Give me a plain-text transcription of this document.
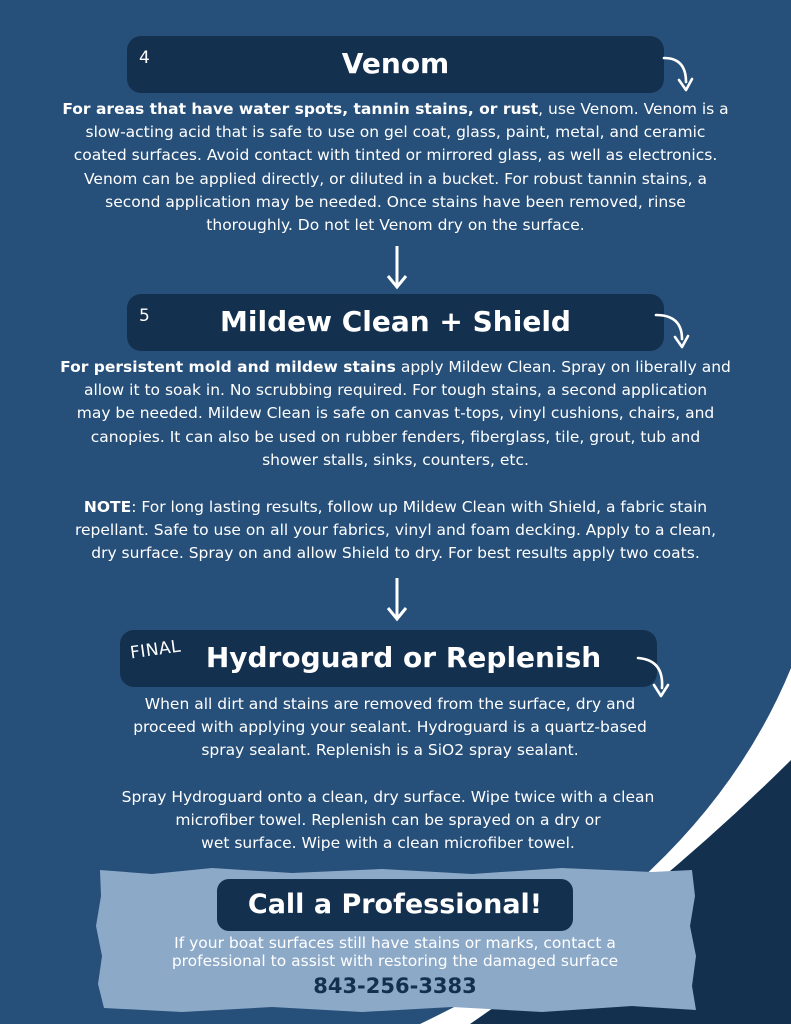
4	Venom
For areas that have water spots, tannin stains, or rust, use Venom. Venom is a
slow-acting acid that is safe to use on gel coat, glass, paint, metal, and ceramic
coated surfaces. Avoid contact with tinted or mirrored glass, as well as electronics.
Venom can be applied directly, or diluted in a bucket. For robust tannin stains, a
second application may be needed. Once stains have been removed, rinse
thoroughly. Do not let Venom dry on the surface.
5	Mildew Clean + Shield
For persistent mold and mildew stains apply Mildew Clean. Spray on liberally and
allow it to soak in. No scrubbing required. For tough stains, a second application
may be needed. Mildew Clean is safe on canvas t-tops, vinyl cushions, chairs, and
canopies. It can also be used on rubber fenders, fiberglass, tile, grout, tub and
shower stalls, sinks, counters, etc.
NOTE: For long lasting results, follow up Mildew Clean with Shield, a fabric stain
repellant. Safe to use on all your fabrics, vinyl and foam decking. Apply to a clean,
dry surface. Spray on and allow Shield to dry. For best results apply two coats.
FINAL Hydroguard or Replenish
When all dirt and stains are removed from the surface, dry and
proceed with applying your sealant. Hydroguard is a quartz-based
spray sealant. Replenish is a SiO2 spray sealant.
Spray Hydroguard onto a clean, dry surface. Wipe twice with a clean
microfiber towel. Replenish can be sprayed on a dry or
wet surface. Wipe with a clean microfiber towel.
Call a Professional!
If your boat surfaces still have stains or marks, contact a
professional to assist with restoring the damaged surface
843-256-3383
